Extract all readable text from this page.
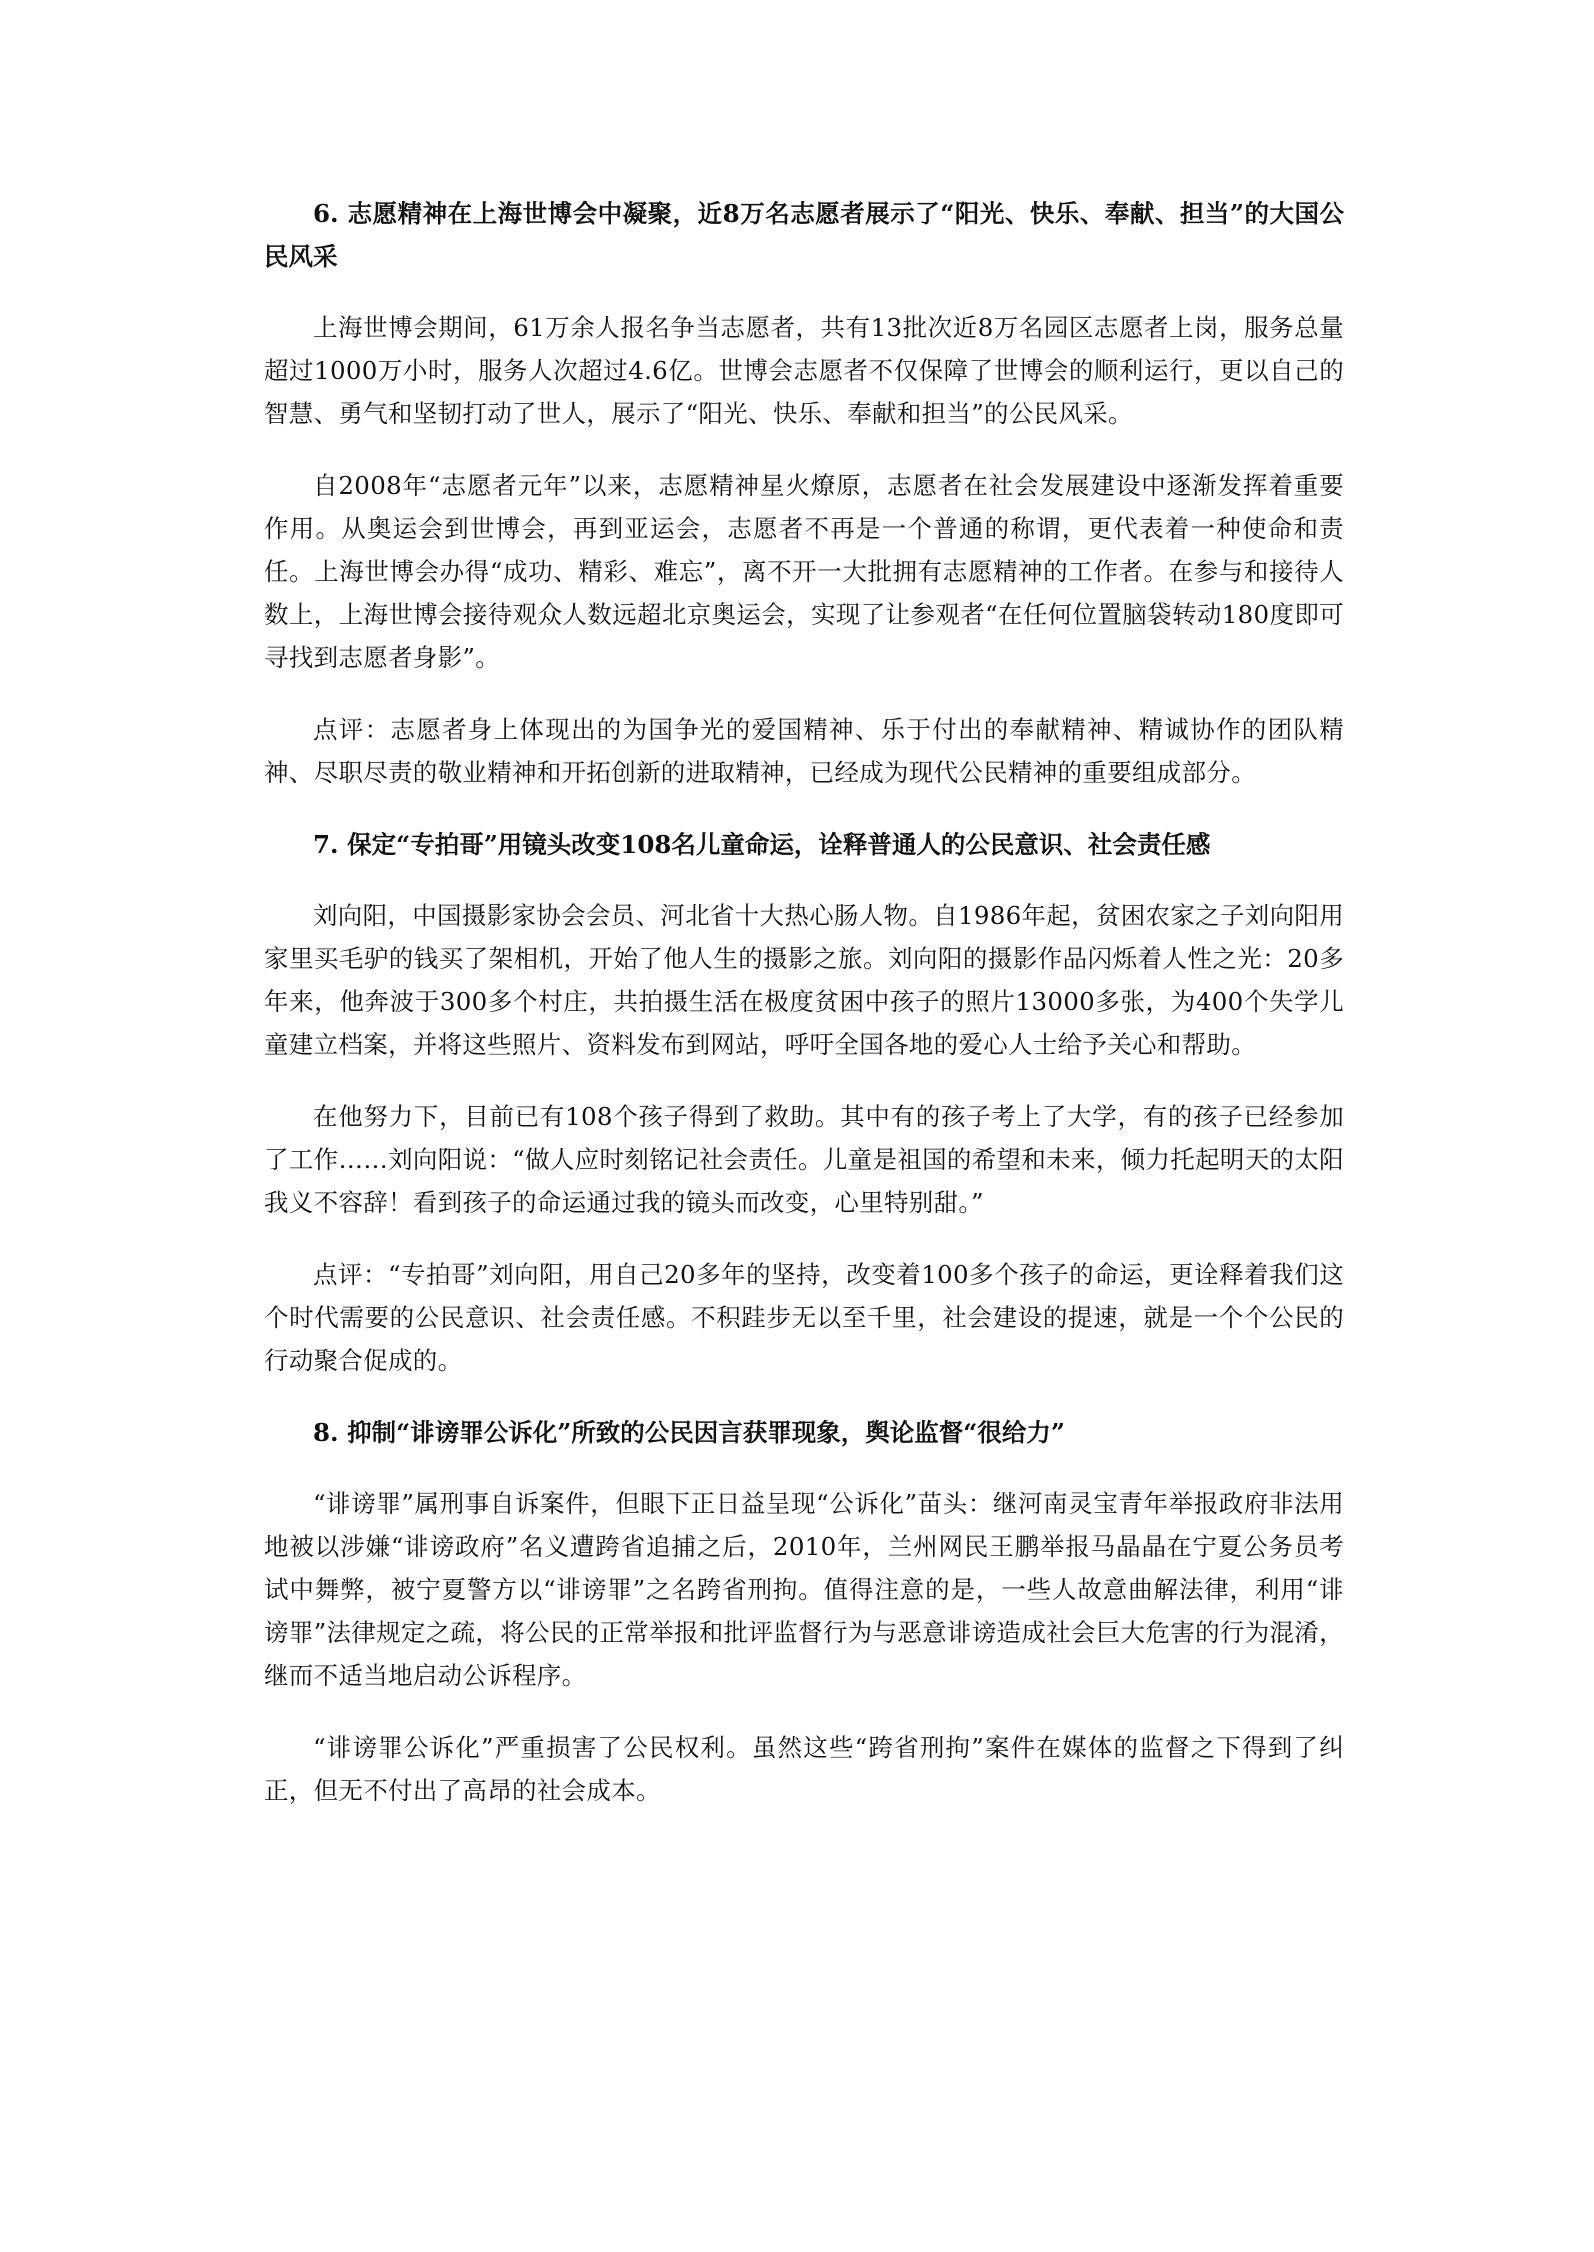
6. 志愿精神在上海世博会中凝聚，近8万名志愿者展示了“阳光、快乐、奉献、担当”的大国公民风采

上海世博会期间，61万余人报名争当志愿者，共有13批次近8万名园区志愿者上岗，服务总量超过1000万小时，服务人次超过4.6亿。世博会志愿者不仅保障了世博会的顺利运行，更以自己的智慧、勇气和坚韧打动了世人，展示了“阳光、快乐、奉献和担当”的公民风采。

自2008年“志愿者元年”以来，志愿精神星火燎原，志愿者在社会发展建设中逐渐发挥着重要作用。从奥运会到世博会，再到亚运会，志愿者不再是一个普通的称谓，更代表着一种使命和责任。上海世博会办得“成功、精彩、难忘”，离不开一大批拥有志愿精神的工作者。在参与和接待人数上，上海世博会接待观众人数远超北京奥运会，实现了让参观者“在任何位置脑袋转动180度即可寻找到志愿者身影”。

点评：志愿者身上体现出的为国争光的爱国精神、乐于付出的奉献精神、精诚协作的团队精神、尽职尽责的敬业精神和开拓创新的进取精神，已经成为现代公民精神的重要组成部分。

7. 保定“专拍哥”用镜头改变108名儿童命运，诠释普通人的公民意识、社会责任感

刘向阳，中国摄影家协会会员、河北省十大热心肠人物。自1986年起，贫困农家之子刘向阳用家里买毛驴的钱买了架相机，开始了他人生的摄影之旅。刘向阳的摄影作品闪烁着人性之光：20多年来，他奔波于300多个村庄，共拍摄生活在极度贫困中孩子的照片13000多张，为400个失学儿童建立档案，并将这些照片、资料发布到网站，呼吁全国各地的爱心人士给予关心和帮助。

在他努力下，目前已有108个孩子得到了救助。其中有的孩子考上了大学，有的孩子已经参加了工作……刘向阳说：“做人应时刻铭记社会责任。儿童是祖国的希望和未来，倾力托起明天的太阳我义不容辞！看到孩子的命运通过我的镜头而改变，心里特别甜。”

点评：“专拍哥”刘向阳，用自己20多年的坚持，改变着100多个孩子的命运，更诠释着我们这个时代需要的公民意识、社会责任感。不积跬步无以至千里，社会建设的提速，就是一个个公民的行动聚合促成的。

8. 抑制“诽谤罪公诉化”所致的公民因言获罪现象，舆论监督“很给力”

“诽谤罪”属刑事自诉案件，但眼下正日益呈现“公诉化”苗头：继河南灵宝青年举报政府非法用地被以涉嫌“诽谤政府”名义遭跨省追捕之后，2010年，兰州网民王鹏举报马晶晶在宁夏公务员考试中舞弊，被宁夏警方以“诽谤罪”之名跨省刑拘。值得注意的是，一些人故意曲解法律，利用“诽谤罪”法律规定之疏，将公民的正常举报和批评监督行为与恶意诽谤造成社会巨大危害的行为混淆，继而不适当地启动公诉程序。

“诽谤罪公诉化”严重损害了公民权利。虽然这些“跨省刑拘”案件在媒体的监督之下得到了纠正，但无不付出了高昂的社会成本。
